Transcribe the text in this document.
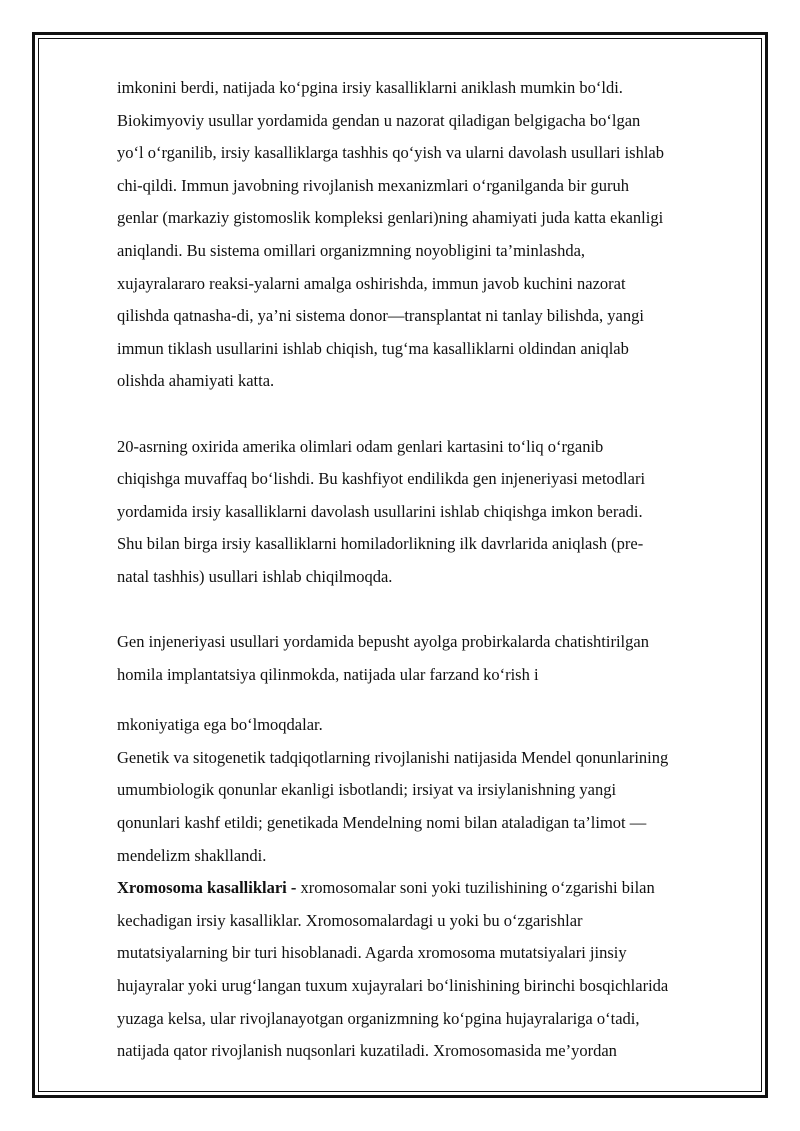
imkonini berdi, natijada ko‘pgina irsiy kasalliklarni aniklash mumkin bo‘ldi.

Biokimyoviy usullar yordamida gendan u nazorat qiladigan belgigacha bo‘lgan

yo‘l o‘rganilib, irsiy kasalliklarga tashhis qo‘yish va ularni davolash usullari ishlab

chi-qildi. Immun javobning rivojlanish mexanizmlari o‘rganilganda bir guruh

genlar (markaziy gistomoslik kompleksi genlari)ning ahamiyati juda katta ekanligi

aniqlandi. Bu sistema omillari organizmning noyobligini ta’minlashda,

xujayralararo reaksi-yalarni amalga oshirishda, immun javob kuchini nazorat

qilishda qatnasha-di, ya’ni sistema donor—transplantat ni tanlay bilishda, yangi

immun tiklash usullarini ishlab chiqish, tug‘ma kasalliklarni oldindan aniqlab

olishda ahamiyati katta.

20-asrning oxirida amerika olimlari odam genlari kartasini to‘liq o‘rganib

chiqishga muvaffaq bo‘lishdi. Bu kashfiyot endilikda gen injeneriyasi metodlari

yordamida irsiy kasalliklarni davolash usullarini ishlab chiqishga imkon beradi.

Shu bilan birga irsiy kasalliklarni homiladorlikning ilk davrlarida aniqlash (pre-

natal tashhis) usullari ishlab chiqilmoqda.

Gen injeneriyasi usullari yordamida bepusht ayolga probirkalarda chatishtirilgan

homila implantatsiya qilinmokda, natijada ular farzand ko‘rish i

mkoniyatiga ega bo‘lmoqdalar.

Genetik va sitogenetik tadqiqotlarning rivojlanishi natijasida Mendel qonunlarining

umumbiologik qonunlar ekanligi isbotlandi; irsiyat va irsiylanishning yangi

qonunlari kashf etildi; genetikada Mendelning nomi bilan ataladigan ta’limot —

mendelizm shakllandi.

Xromosoma kasalliklari - xromosomalar soni yoki tuzilishining o‘zgarishi bilan

kechadigan irsiy kasalliklar. Xromosomalardagi u yoki bu o‘zgarishlar

mutatsiyalarning bir turi hisoblanadi. Agarda xromosoma mutatsiyalari jinsiy

hujayralar yoki urug‘langan tuxum xujayralari bo‘linishining birinchi bosqichlarida

yuzaga kelsa, ular rivojlanayotgan organizmning ko‘pgina hujayralariga o‘tadi,

natijada qator rivojlanish nuqsonlari kuzatiladi. Xromosomasida me’yordan
